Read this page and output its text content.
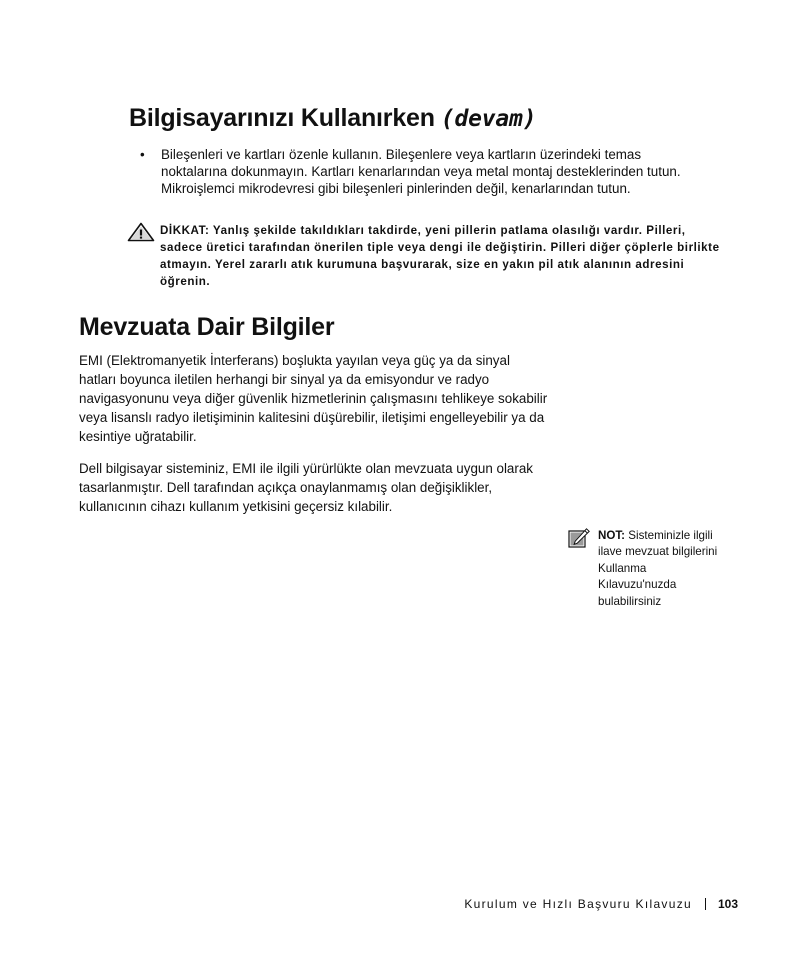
Bilgisayarınızı Kullanırken (devam)
• Bileşenleri ve kartları özenle kullanın. Bileşenlere veya kartların üzerindeki temas noktalarına dokunmayın. Kartları kenarlarından veya metal montaj desteklerinden tutun. Mikroişlemci mikrodevresi gibi bileşenleri pinlerinden değil, kenarlarından tutun.
DİKKAT: Yanlış şekilde takıldıkları takdirde, yeni pillerin patlama olasılığı vardır. Pilleri, sadece üretici tarafından önerilen tiple veya dengi ile değiştirin. Pilleri diğer çöplerle birlikte atmayın. Yerel zararlı atık kurumuna başvurarak, size en yakın pil atık alanının adresini öğrenin.
Mevzuata Dair Bilgiler
EMI (Elektromanyetik İnterferans) boşlukta yayılan veya güç ya da sinyal hatları boyunca iletilen herhangi bir sinyal ya da emisyondur ve radyo navigasyonunu veya diğer güvenlik hizmetlerinin çalışmasını tehlikeye sokabilir veya lisanslı radyo iletişiminin kalitesini düşürebilir, iletişimi engelleyebilir ya da kesintiye uğratabilir.
Dell bilgisayar sisteminiz, EMI ile ilgili yürürlükte olan mevzuata uygun olarak tasarlanmıştır. Dell tarafından açıkça onaylanmamış olan değişiklikler, kullanıcının cihazı kullanım yetkisini geçersiz kılabilir.
NOT: Sisteminizle ilgili ilave mevzuat bilgilerini Kullanma Kılavuzu'nuzda bulabilirsiniz
Kurulum ve Hızlı Başvuru Kılavuzu 103
